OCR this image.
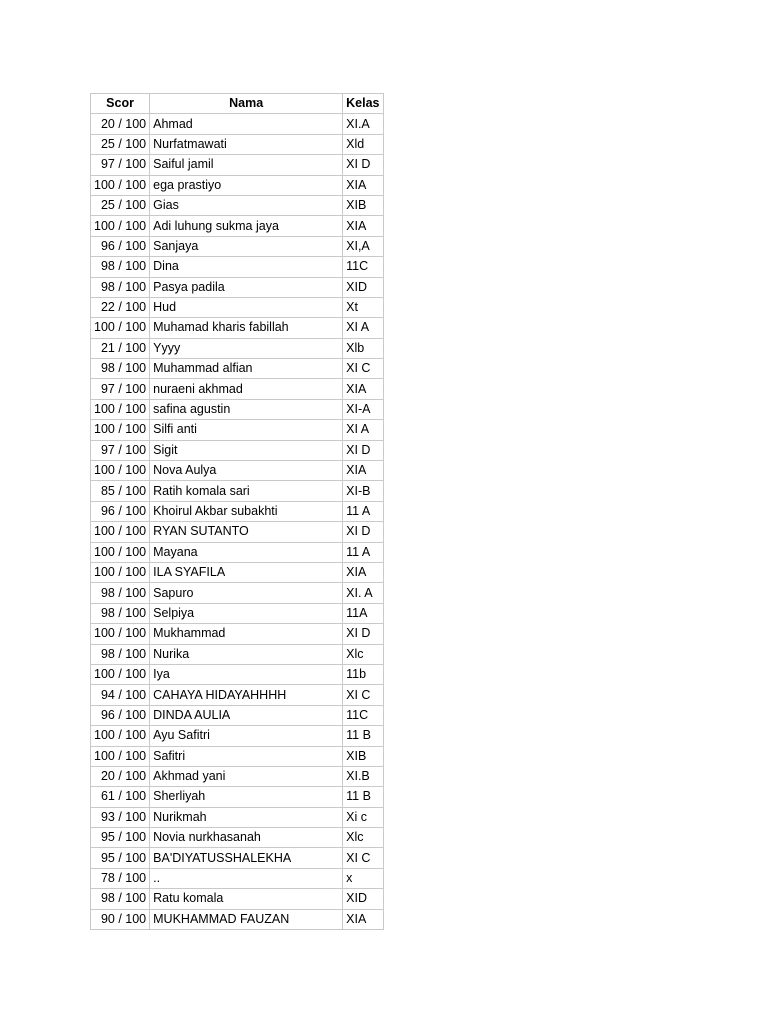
Scor	Nama	Kelas
20 / 100	Ahmad	XI.A
25 / 100	Nurfatmawati	Xld
97 / 100	Saiful jamil	XI D
100 / 100	ega prastiyo	XIA
25 / 100	Gias	XIB
100 / 100	Adi luhung sukma jaya	XIA
96 / 100	Sanjaya	XI,A
98 / 100	Dina	11C
98 / 100	Pasya padila	XID
22 / 100	Hud	Xt
100 / 100	Muhamad kharis fabillah	XI A
21 / 100	Yyyy	Xlb
98 / 100	Muhammad alfian	XI C
97 / 100	nuraeni akhmad	XIA
100 / 100	safina agustin	XI-A
100 / 100	Silfi anti	XI A
97 / 100	Sigit	XI D
100 / 100	Nova Aulya	XIA
85 / 100	Ratih komala sari	XI-B
96 / 100	Khoirul Akbar subakhti	11 A
100 / 100	RYAN SUTANTO	XI D
100 / 100	Mayana	11 A
100 / 100	ILA SYAFILA	XIA
98 / 100	Sapuro	XI. A
98 / 100	Selpiya	11A
100 / 100	Mukhammad	XI D
98 / 100	Nurika	Xlc
100 / 100	Iya	11b
94 / 100	CAHAYA HIDAYAHHHH	XI C
96 / 100	DINDA AULIA	11C
100 / 100	Ayu Safitri	11 B
100 / 100	Safitri	XIB
20 / 100	Akhmad yani	XI.B
61 / 100	Sherliyah	11 B
93 / 100	Nurikmah	Xi c
95 / 100	Novia nurkhasanah	Xlc
95 / 100	BA'DIYATUSSHALEKHA	XI C
78 / 100	..	x
98 / 100	Ratu komala	XID
90 / 100	MUKHAMMAD FAUZAN	XIA
